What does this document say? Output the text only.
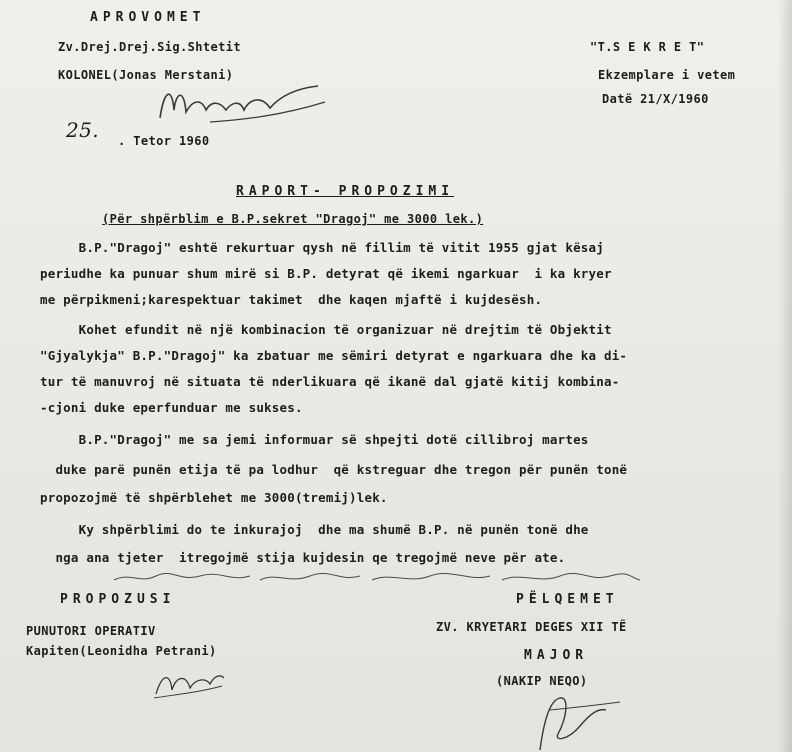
APROVOMET
Zv.Drej.Drej.Sig.Shtetit
KOLONEL(Jonas Merstani)
25. . Tetor 1960
"T.S E K R E T"
Ekzemplare i vetem
Datë 21/X/1960
RAPORT- PROPOZIMI
(Për shpërblim e B.P.sekret "Dragoj" me 3000 lek.)
B.P."Dragoj" eshtë rekurtuar qysh në fillim të vitit 1955 gjat kësaj
periudhe ka punuar shum mirë si B.P. detyrat që ikemi ngarkuar  i ka kryer
me përpikmeni;karespektuar takimet  dhe kaqen mjaftë i kujdesësh.
Kohet efundit në një kombinacion të organizuar në drejtim të Objektit
"Gjyalykja" B.P."Dragoj" ka zbatuar me sëmiri detyrat e ngarkuara dhe ka di-
tur të manuvroj në situata të nderlikuara që ikanë dal gjatë kitij kombina-
-cjoni duke eperfunduar me sukses.
B.P."Dragoj" me sa jemi informuar së shpejti dotë cillibroj martes
duke parë punën etija të pa lodhur  që kstreguar dhe tregon për punën tonë
propozojmë të shpërblehet me 3000(tremij)lek.
Ky shpërblimi do te inkurajoj  dhe ma shumë B.P. në punën tonë dhe
nga ana tjeter  itregojmë stija kujdesin qe tregojmë neve për ate.
PROPOZUSI
PUNUTORI OPERATIV
Kapiten(Leonidha Petrani)
PËLQEMET
ZV. KRYETARI DEGES XII TË
MAJOR
(NAKIP NEQO)
